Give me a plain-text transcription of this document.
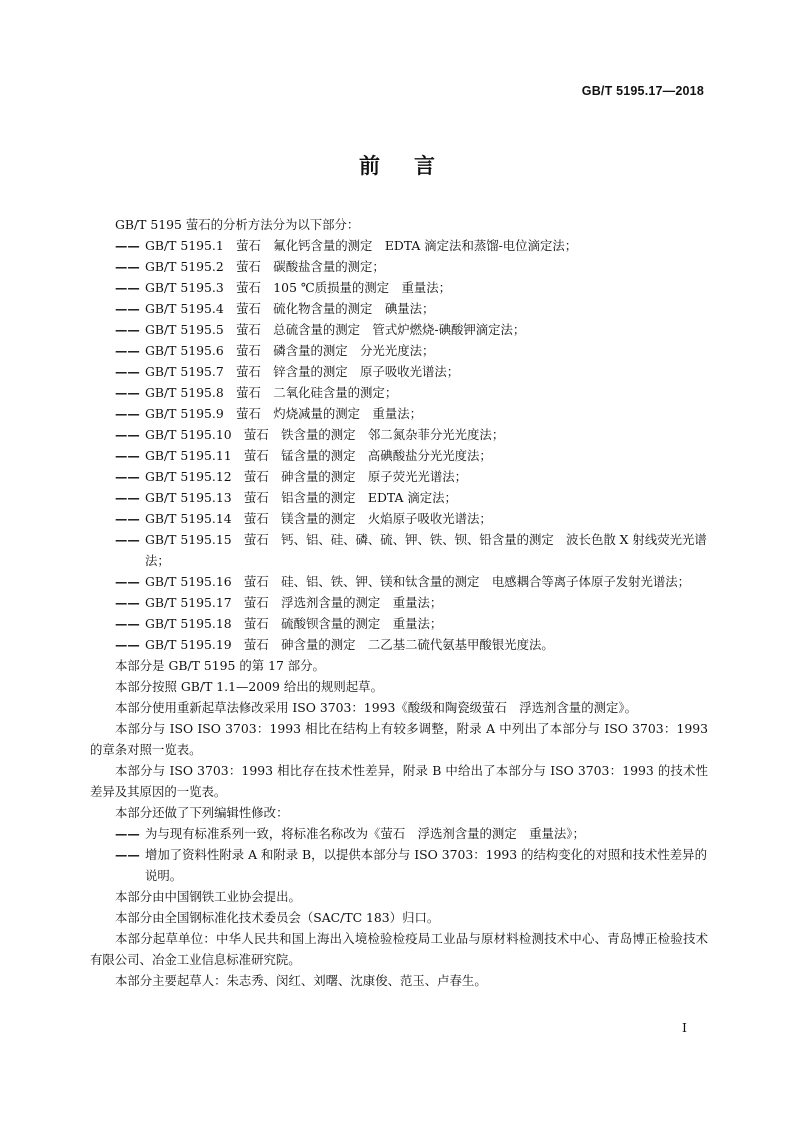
GB/T 5195.17—2018
前言

GB/T 5195 萤石的分析方法分为以下部分：

—— GB/T 5195.1 萤石 氟化钙含量的测定 EDTA 滴定法和蒸馏-电位滴定法；

—— GB/T 5195.2 萤石 碳酸盐含量的测定；

—— GB/T 5195.3 萤石 105 ℃质损量的测定 重量法；

—— GB/T 5195.4 萤石 硫化物含量的测定 碘量法；

—— GB/T 5195.5 萤石 总硫含量的测定 管式炉燃烧-碘酸钾滴定法；

—— GB/T 5195.6 萤石 磷含量的测定 分光光度法；

—— GB/T 5195.7 萤石 锌含量的测定 原子吸收光谱法；

—— GB/T 5195.8 萤石 二氧化硅含量的测定；

—— GB/T 5195.9 萤石 灼烧减量的测定 重量法；

—— GB/T 5195.10 萤石 铁含量的测定 邻二氮杂菲分光光度法；

—— GB/T 5195.11 萤石 锰含量的测定 高碘酸盐分光光度法；

—— GB/T 5195.12 萤石 砷含量的测定 原子荧光光谱法；

—— GB/T 5195.13 萤石 铝含量的测定 EDTA 滴定法；

—— GB/T 5195.14 萤石 镁含量的测定 火焰原子吸收光谱法；

—— GB/T 5195.15 萤石 钙、铝、硅、磷、硫、钾、铁、钡、铅含量的测定 波长色散 X 射线荧光光谱法；

—— GB/T 5195.16 萤石 硅、铝、铁、钾、镁和钛含量的测定 电感耦合等离子体原子发射光谱法；

—— GB/T 5195.17 萤石 浮选剂含量的测定 重量法；

—— GB/T 5195.18 萤石 硫酸钡含量的测定 重量法；

—— GB/T 5195.19 萤石 砷含量的测定 二乙基二硫代氨基甲酸银光度法。

本部分是 GB/T 5195 的第 17 部分。

本部分按照 GB/T 1.1—2009 给出的规则起草。

本部分使用重新起草法修改采用 ISO 3703：1993《酸级和陶瓷级萤石 浮选剂含量的测定》。

本部分与 ISO ISO 3703：1993 相比在结构上有较多调整，附录 A 中列出了本部分与 ISO 3703：1993 的章条对照一览表。

本部分与 ISO 3703：1993 相比存在技术性差异，附录 B 中给出了本部分与 ISO 3703：1993 的技术性差异及其原因的一览表。

本部分还做了下列编辑性修改：

—— 为与现有标准系列一致，将标准名称改为《萤石 浮选剂含量的测定 重量法》；

—— 增加了资料性附录 A 和附录 B，以提供本部分与 ISO 3703：1993 的结构变化的对照和技术性差异的说明。

本部分由中国钢铁工业协会提出。

本部分由全国钢标准化技术委员会（SAC/TC 183）归口。

本部分起草单位：中华人民共和国上海出入境检验检疫局工业品与原材料检测技术中心、青岛博正检验技术有限公司、冶金工业信息标准研究院。

本部分主要起草人：朱志秀、闵红、刘曙、沈康俊、范玉、卢春生。

I
